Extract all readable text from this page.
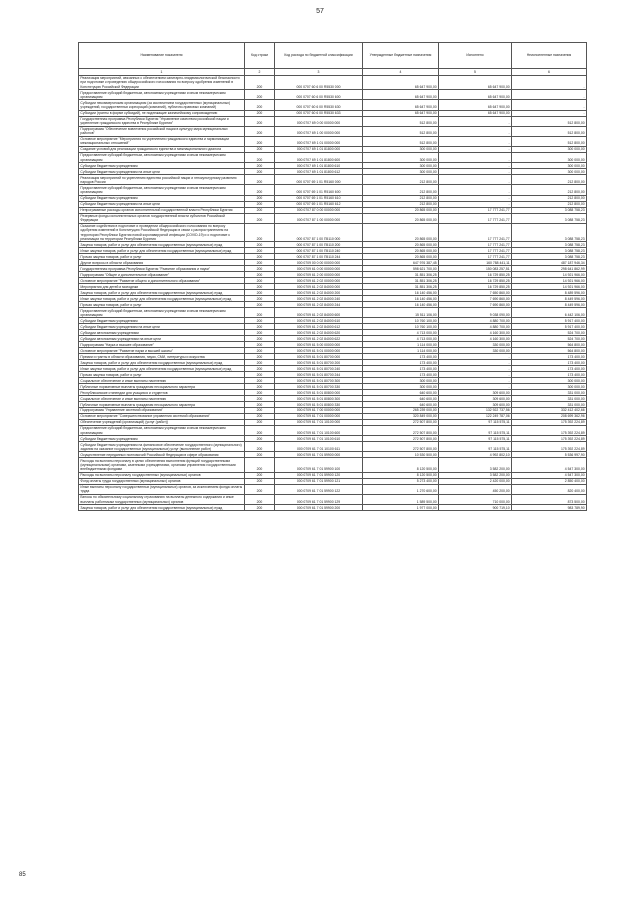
57
Наименование показателя	Код строки	Код расхода по бюджетной классификации	Утвержденные бюджетные назначения	Исполнено	Неисполненные назначения
1	2	3	4	5	6
Реализация мероприятий, связанных с обеспечением санитарно-эпидемиологической безопасности при подготовке к проведению общероссийского голосования по вопросу одобрения изменений в Конституцию Российской Федерации	200	000 0707 60 6 00 R5530 000	65 647 900,00	65 647 900,00	-
Предоставление субсидий бюджетным, автономным учреждениям и иным некоммерческим организациям	200	000 0707 60 6 00 R5530 600	65 647 900,00	65 647 900,00	-
Субсидии некоммерческим организациям (за исключением государственных (муниципальных) учреждений, государственных корпораций (компаний), публично-правовых компаний)	200	000 0707 60 6 00 R5530 630	65 647 900,00	65 647 900,00	-
Субсидии (гранты в форме субсидий), не подлежащие казначейскому сопровождению	200	000 0707 60 6 00 R5530 633	65 647 900,00	65 647 900,00	-
Государственная программа Республики Бурятия "Управление качеством российской нации и укрепление гражданского единства в Республике Бурятия"	200	000 0707 69 0 00 00000 000	512 800,00	-	512 800,00
Подпрограмма "Обеспечение вовлечения российской нации в культуру мира муниципальных районов"	200	000 0707 69 1 00 00000 000	512 800,00	-	512 800,00
Основное мероприятие "Мероприятия по укреплению гражданского единства и гармонизации межнациональных отношений"	200	000 0707 69 1 01 00000 000	512 800,00	-	512 800,00
Создание условий для реализации гражданского единства и межнационального диалога	200	000 0707 69 1 01 81800 000	300 000,00	-	300 000,00
Предоставление субсидий бюджетным, автономным учреждениям и иным некоммерческим организациям	200	000 0707 69 1 01 81800 600	300 000,00	-	300 000,00
Субсидии бюджетным учреждениям	200	000 0707 69 1 01 81800 610	300 000,00	-	300 000,00
Субсидии бюджетным учреждениям на иные цели	200	000 0707 69 1 01 81800 612	300 000,00	-	300 000,00
Реализация мероприятий по укреплению единства российской нации и этнокультурному развитию народов России	200	000 0707 69 1 01 R5160 000	212 800,00	-	212 800,00
Предоставление субсидий бюджетным, автономным учреждениям и иным некоммерческим организациям	200	000 0707 69 1 01 R5160 600	212 800,00	-	212 800,00
Субсидии бюджетным учреждениям	200	000 0707 69 1 01 R5160 610	212 800,00	-	212 800,00
Субсидии бюджетным учреждениям на иные цели	200	000 0707 69 1 01 R5160 612	212 800,00	-	212 800,00
Непрограммные расходы органов исполнительной государственной власти Республики Бурятия	200	000 0707 87 0 00 00000 000	20 865 000,00	17 777 241,77	3 088 758,23
Резервные фонды исполнительных органов государственной власти субъектов Российской Федерации	200	000 0707 87 1 00 00000 000	20 865 000,00	17 777 241,77	3 088 758,23
Оказание содействия в подготовке и проведении общероссийского голосования по вопросу одобрения изменений в Конституцию Российской Федерации в связи с распространением на территории Республики Бурятия новой коронавирусной инфекции (COVID-19) и о подготовке к реализации на территории Республики Бурятия	200	000 0707 87 1 00 П5110 000	20 865 000,00	17 777 241,77	3 088 758,23
Закупка товаров, работ и услуг для обеспечения государственных (муниципальных) нужд	200	000 0707 87 1 00 П5110 200	20 865 000,00	17 777 241,77	3 088 758,23
Иные закупки товаров, работ и услуг для обеспечения государственных (муниципальных) нужд	200	000 0707 87 1 00 П5110 240	20 865 000,00	17 777 241,77	3 088 758,23
Прочая закупка товаров, работ и услуг	200	000 0707 87 1 00 П5110 244	20 865 000,00	17 777 241,77	3 088 758,23
Другие вопросы в области образования	200	000 0709 00 0 00 00000 000	647 976 387,45	160 788 441,11	487 187 946,34
Государственная программа Республики Бурятия "Развитие образования и науки"	200	000 0709 61 0 00 00000 000	598 621 700,00	150 083 257,51	298 641 862,99
Подпрограмма "Общее и дополнительное образование"	200	000 0709 61 2 00 00000 000	31 851 306,25	16 729 850,25	14 921 966,00
Основное мероприятие "Развитие общего и дополнительного образования"	200	000 0709 61 2 02 00000 000	31 851 306,25	16 729 850,25	14 921 966,00
Мероприятия для детей и молодежи	200	000 0709 61 2 02 84000 000	31 851 306,25	16 729 850,25	14 921 966,00
Закупка товаров, работ и услуг для обеспечения государственных (муниципальных) нужд	200	000 0709 61 2 02 84000 200	16 140 456,00	7 650 860,00	8 489 596,00
Иные закупки товаров, работ и услуг для обеспечения государственных (муниципальных) нужд	200	000 0709 61 2 02 84000 240	16 140 456,00	7 690 860,00	8 449 596,00
Прочая закупка товаров, работ и услуг	200	000 0709 61 2 02 84000 244	16 140 456,00	7 690 860,00	8 449 596,00
Предоставление субсидий бюджетным, автономным учреждениям и иным некоммерческим организациям	200	000 0709 61 2 02 84000 600	15 511 106,00	9 038 090,00	6 442 106,00
Субсидии бюджетным учреждениям	200	000 0709 61 2 02 84000 610	10 760 100,00	4 880 700,00	5 917 400,00
Субсидии бюджетным учреждениям на иные цели	200	000 0709 61 2 02 84000 612	10 760 100,00	4 880 700,00	5 917 400,00
Субсидии автономным учреждениям	200	000 0709 61 2 02 84000 620	4 713 000,00	4 160 300,00	524 700,00
Субсидии автономным учреждениям на иные цели	200	000 0709 61 2 02 84000 622	4 713 000,00	4 160 300,00	524 700,00
Подпрограмма "Наука и высшее образование"	200	000 0709 61 5 00 00000 000	1 114 000,00	330 000,00	564 800,00
Основное мероприятие "Развитие науки и высшей школы"	200	000 0709 61 5 01 00000 000	1 114 000,00	330 000,00	564 800,00
Премии и гранты в области образования, науки, СМИ, литературы и искусства	200	000 0709 61 5 01 80700 000	173 400,00	-	173 400,00
Закупка товаров, работ и услуг для обеспечения государственных (муниципальных) нужд	200	000 0709 61 5 01 80700 200	173 400,00	-	173 400,00
Иные закупки товаров, работ и услуг для обеспечения государственных (муниципальных) нужд	200	000 0709 61 5 01 80700 240	173 400,00	-	173 400,00
Прочая закупка товаров, работ и услуг	200	000 0709 61 5 01 80700 244	173 400,00	-	173 400,00
Социальное обеспечение и иные выплаты населению	200	000 0709 61 5 01 80700 300	300 000,00	-	300 000,00
Публичные нормативные выплаты гражданам несоциального характера	200	000 0709 61 5 01 80700 330	300 000,00	-	300 000,00
Республиканские стипендии для учащихся и студентов	200	000 0709 61 5 01 80800 000	640 600,00	309 600,00	331 000,00
Социальное обеспечение и иные выплаты населению	200	000 0709 61 5 01 80800 300	640 600,00	309 600,00	331 000,00
Публичные нормативные выплаты гражданам несоциального характера	200	000 0709 61 5 01 80800 330	640 600,00	309 600,00	331 000,00
Подпрограмма "Управление системой образования"	200	000 0709 61 7 00 00000 000	265 239 000,00	132 922 737,56	332 412 402,66
Основное мероприятие "Совершенствование управления системой образования"	200	000 0709 61 7 01 00000 000	320 849 000,00	122 249 787,06	208 699 362,96
Обеспечение учреждений (организаций) (услуг (работ))	200	000 0709 61 7 01 10100 000	272 507 800,00	97 115 575,11	175 392 224,89
Предоставление субсидий бюджетным, автономным учреждениям и иным некоммерческим организациям	200	000 0709 61 7 01 10100 600	272 507 800,00	97 115 575,11	175 392 224,89
Субсидии бюджетным учреждениям	200	000 0709 61 7 01 10100 610	272 507 800,00	97 115 575,11	175 392 224,89
Субсидии бюджетным учреждениям на финансовое обеспечение государственного (муниципального) задания на оказание государственных (муниципальных) услуг (выполнение работ)	200	000 0709 61 7 01 10100 611	272 507 800,00	97 115 575,11	175 392 224,89
Осуществление переданных полномочий Российской Федерации в сфере образования	200	000 0709 61 7 01 59900 000	10 530 500,00	4 992 802,10	5 536 997,90
Расходы на выплаты персоналу в целях обеспечения выполнения функций государственными (муниципальными) органами, казенными учреждениями, органами управления государственными внебюджетными фондами	200	000 0709 61 7 01 59900 100	8 120 500,00	3 582 200,00	4 547 300,00
Расходы на выплаты персоналу государственных (муниципальных) органов	200	000 0709 61 7 01 59900 120	8 120 500,00	3 582 200,00	4 547 300,00
Фонд оплаты труда государственных (муниципальных) органов	200	000 0709 61 7 01 59900 121	5 273 400,00	2 420 000,00	2 850 400,00
Иные выплаты персоналу государственных (муниципальных) органов, за исключением фонда оплаты труда	200	000 0709 61 7 01 59900 122	1 270 600,00	450 200,00	820 400,00
Взносы по обязательному социальному страхованию на выплаты денежного содержания и иные выплаты работникам государственных (муниципальных) органов	200	000 0709 61 7 01 59900 129	1 589 500,00	710 000,00	873 500,00
Закупка товаров, работ и услуг для обеспечения государственных (муниципальных) нужд	200	000 0709 61 7 01 59900 200	1 977 000,00	900 719,10	983 789,90
85
